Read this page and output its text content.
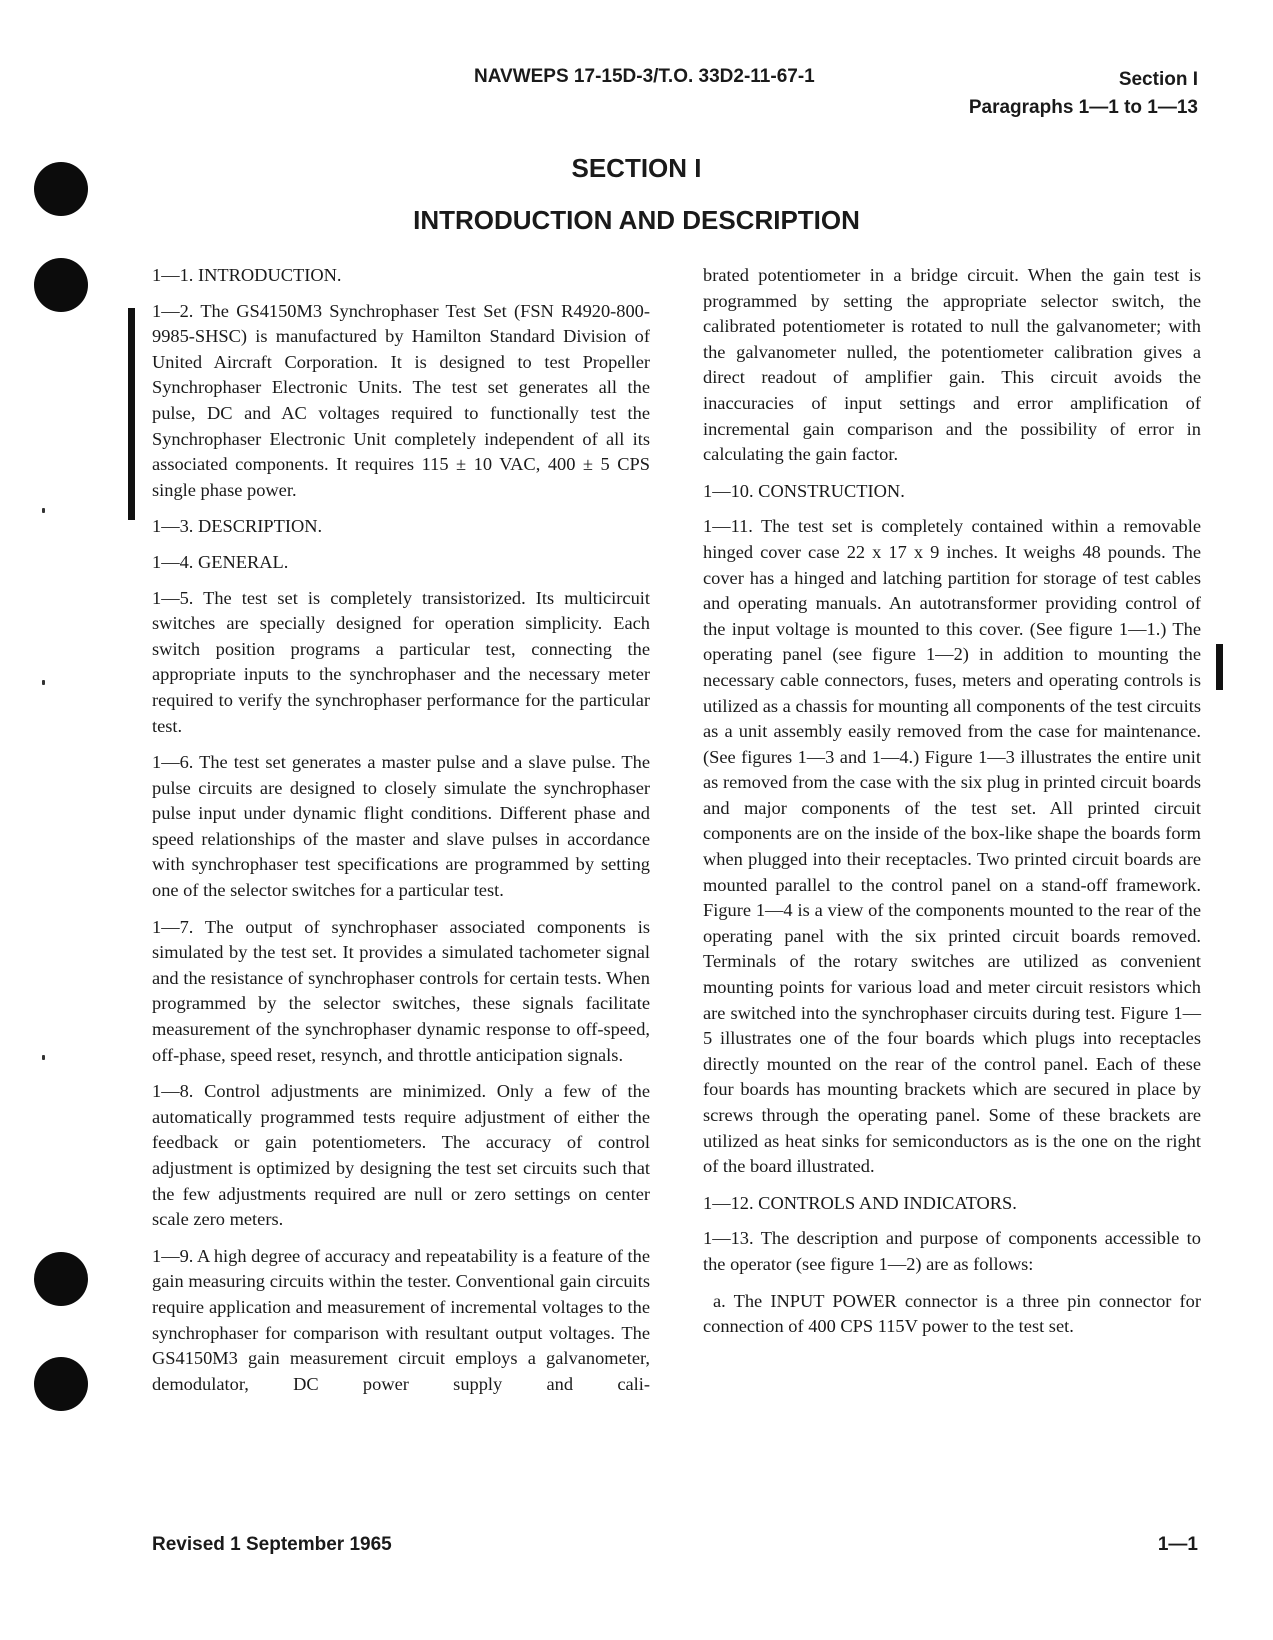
NAVWEPS 17-15D-3/T.O. 33D2-11-67-1	Section I
Paragraphs 1—1 to 1—13
SECTION I
INTRODUCTION AND DESCRIPTION

1—1. INTRODUCTION.

1—2. The GS4150M3 Synchrophaser Test Set (FSN R4920-800-9985-SHSC) is manufactured by Hamilton Standard Division of United Aircraft Corporation. It is designed to test Propeller Synchrophaser Electronic Units. The test set generates all the pulse, DC and AC voltages required to functionally test the Synchrophaser Electronic Unit completely independent of all its associated components. It requires 115 ± 10 VAC, 400 ± 5 CPS single phase power.

1—3. DESCRIPTION.

1—4. GENERAL.

1—5. The test set is completely transistorized. Its multicircuit switches are specially designed for operation simplicity. Each switch position programs a particular test, connecting the appropriate inputs to the synchrophaser and the necessary meter required to verify the synchrophaser performance for the particular test.

1—6. The test set generates a master pulse and a slave pulse. The pulse circuits are designed to closely simulate the synchrophaser pulse input under dynamic flight conditions. Different phase and speed relationships of the master and slave pulses in accordance with synchrophaser test specifications are programmed by setting one of the selector switches for a particular test.

1—7. The output of synchrophaser associated components is simulated by the test set. It provides a simulated tachometer signal and the resistance of synchrophaser controls for certain tests. When programmed by the selector switches, these signals facilitate measurement of the synchrophaser dynamic response to off-speed, off-phase, speed reset, resynch, and throttle anticipation signals.

1—8. Control adjustments are minimized. Only a few of the automatically programmed tests require adjustment of either the feedback or gain potentiometers. The accuracy of control adjustment is optimized by designing the test set circuits such that the few adjustments required are null or zero settings on center scale zero meters.

1—9. A high degree of accuracy and repeatability is a feature of the gain measuring circuits within the tester. Conventional gain circuits require application and measurement of incremental voltages to the synchrophaser for comparison with resultant output voltages. The GS4150M3 gain measurement circuit employs a galvanometer, demodulator, DC power supply and cali-

brated potentiometer in a bridge circuit. When the gain test is programmed by setting the appropriate selector switch, the calibrated potentiometer is rotated to null the galvanometer; with the galvanometer nulled, the potentiometer calibration gives a direct readout of amplifier gain. This circuit avoids the inaccuracies of input settings and error amplification of incremental gain comparison and the possibility of error in calculating the gain factor.

1—10. CONSTRUCTION.

1—11. The test set is completely contained within a removable hinged cover case 22 x 17 x 9 inches. It weighs 48 pounds. The cover has a hinged and latching partition for storage of test cables and operating manuals. An autotransformer providing control of the input voltage is mounted to this cover. (See figure 1—1.) The operating panel (see figure 1—2) in addition to mounting the necessary cable connectors, fuses, meters and operating controls is utilized as a chassis for mounting all components of the test circuits as a unit assembly easily removed from the case for maintenance. (See figures 1—3 and 1—4.) Figure 1—3 illustrates the entire unit as removed from the case with the six plug in printed circuit boards and major components of the test set. All printed circuit components are on the inside of the box-like shape the boards form when plugged into their receptacles. Two printed circuit boards are mounted parallel to the control panel on a stand-off framework. Figure 1—4 is a view of the components mounted to the rear of the operating panel with the six printed circuit boards removed. Terminals of the rotary switches are utilized as convenient mounting points for various load and meter circuit resistors which are switched into the synchrophaser circuits during test. Figure 1—5 illustrates one of the four boards which plugs into receptacles directly mounted on the rear of the control panel. Each of these four boards has mounting brackets which are secured in place by screws through the operating panel. Some of these brackets are utilized as heat sinks for semiconductors as is the one on the right of the board illustrated.

1—12. CONTROLS AND INDICATORS.

1—13. The description and purpose of components accessible to the operator (see figure 1—2) are as follows:

a. The INPUT POWER connector is a three pin connector for connection of 400 CPS 115V power to the test set.

Revised 1 September 1965	1—1
